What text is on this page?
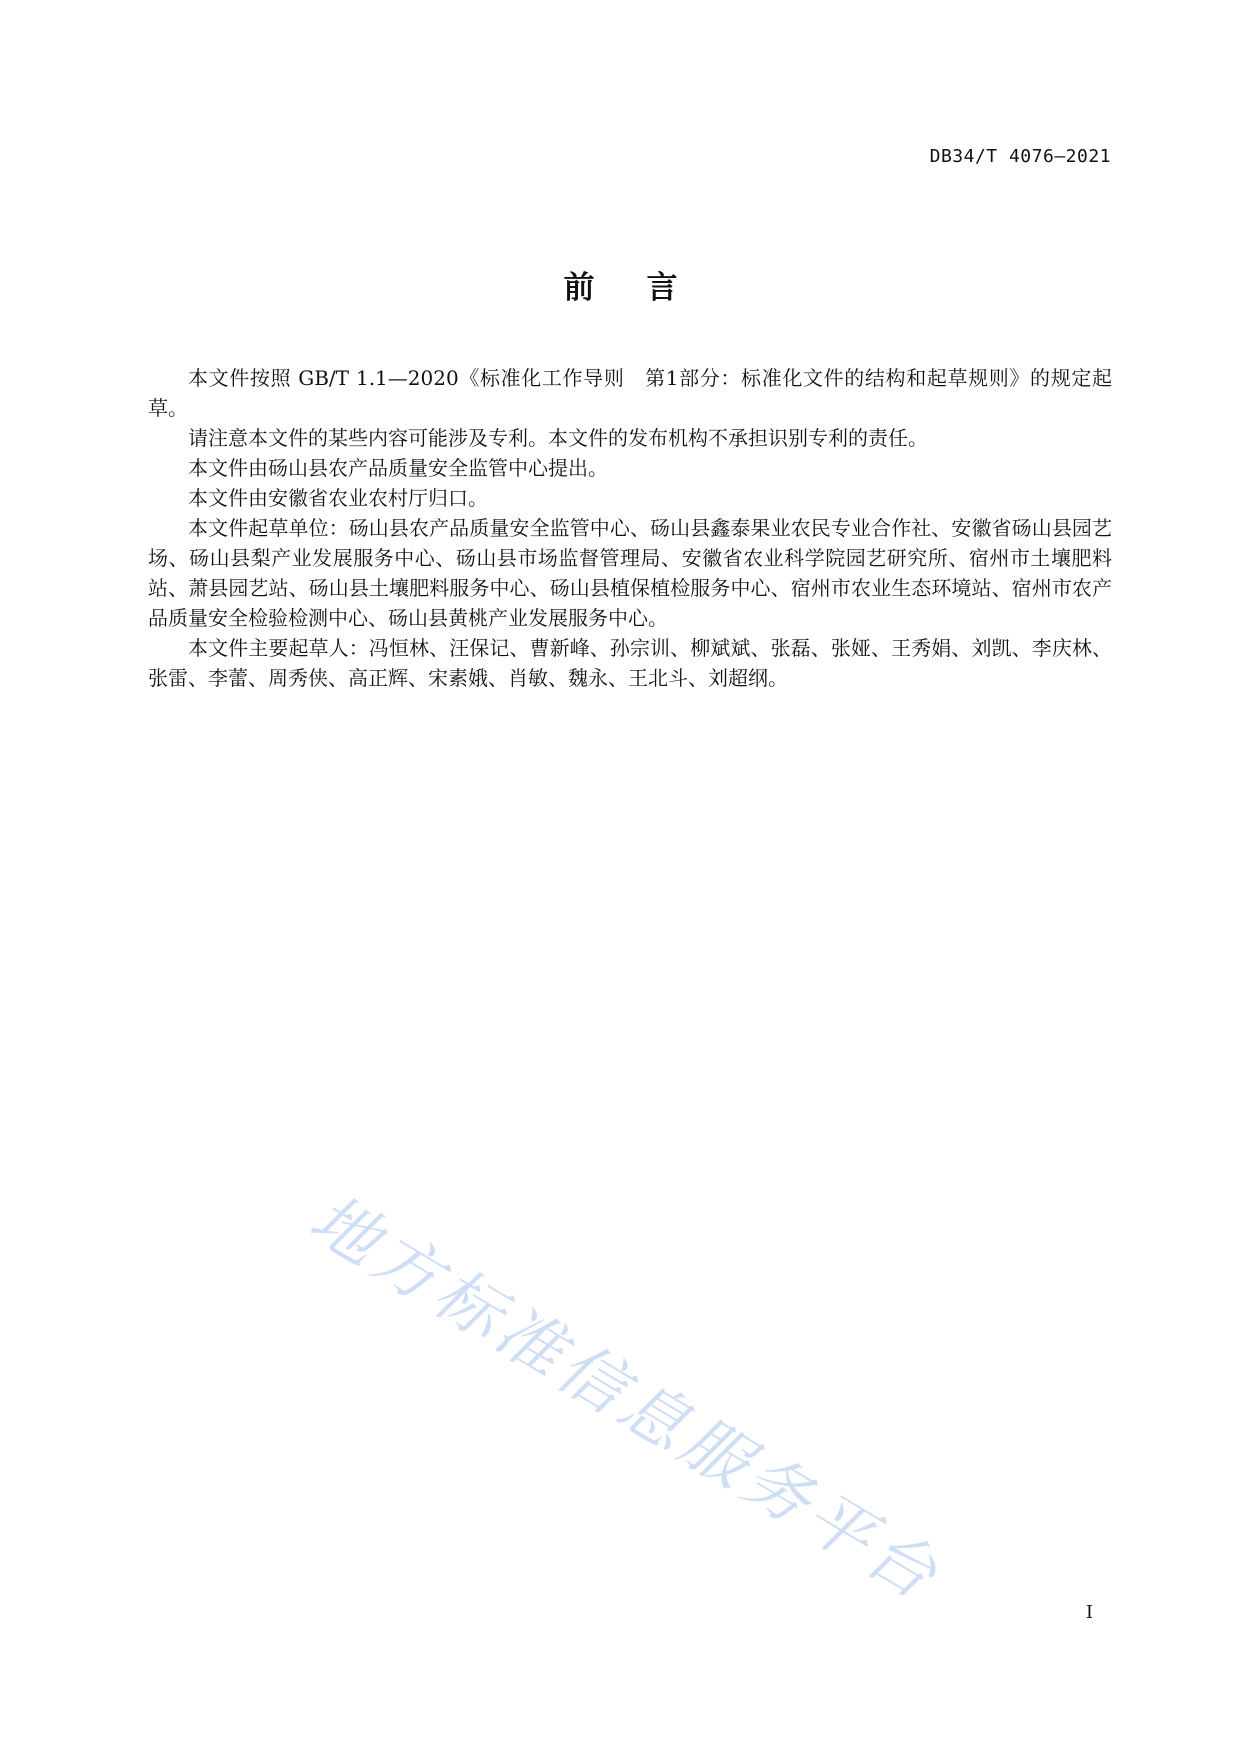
DB34/T 4076—2021
前言

本文件按照 GB/T 1.1—2020《标准化工作导则　第1部分：标准化文件的结构和起草规则》的规定起草。

请注意本文件的某些内容可能涉及专利。本文件的发布机构不承担识别专利的责任。

本文件由砀山县农产品质量安全监管中心提出。

本文件由安徽省农业农村厅归口。

本文件起草单位：砀山县农产品质量安全监管中心、砀山县鑫泰果业农民专业合作社、安徽省砀山县园艺场、砀山县梨产业发展服务中心、砀山县市场监督管理局、安徽省农业科学院园艺研究所、宿州市土壤肥料站、萧县园艺站、砀山县土壤肥料服务中心、砀山县植保植检服务中心、宿州市农业生态环境站、宿州市农产品质量安全检验检测中心、砀山县黄桃产业发展服务中心。

本文件主要起草人：冯恒林、汪保记、曹新峰、孙宗训、柳斌斌、张磊、张娅、王秀娟、刘凯、李庆林、张雷、李蕾、周秀侠、高正辉、宋素娥、肖敏、魏永、王北斗、刘超纲。

地方标准信息服务平台	I
